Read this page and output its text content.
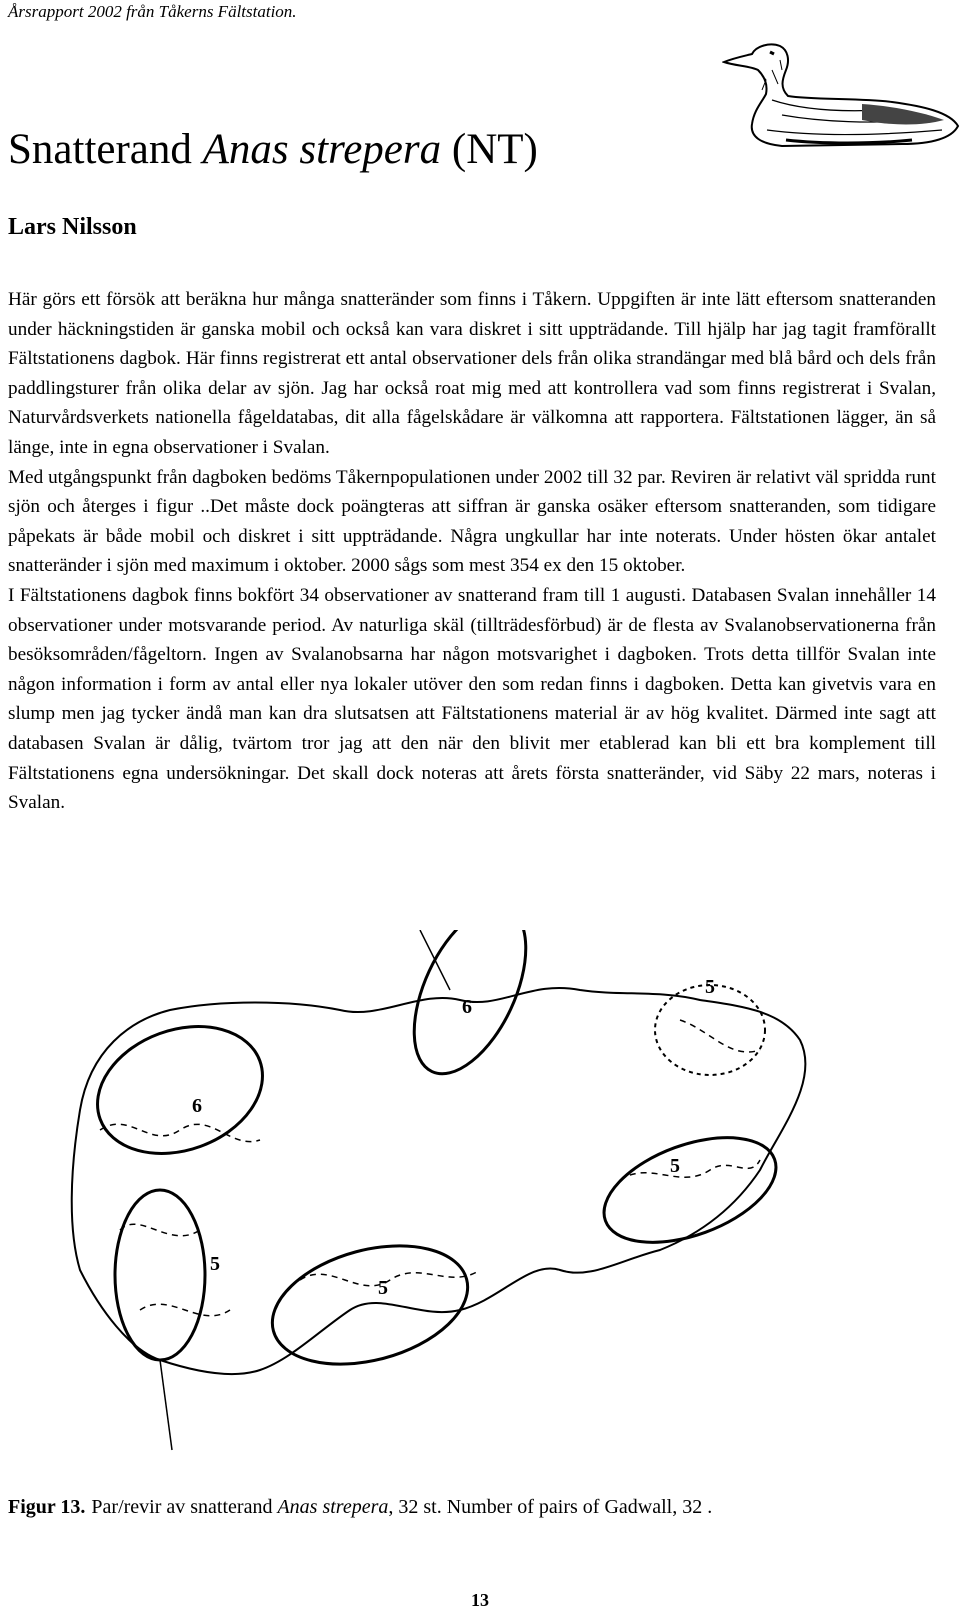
Årsrapport 2002 från Tåkerns Fältstation.
Snatterand Anas strepera (NT)
Lars Nilsson

Här görs ett försök att beräkna hur många snatteränder som finns i Tåkern. Uppgiften är inte lätt eftersom snatteranden under häckningstiden är ganska mobil och också kan vara diskret i sitt uppträdande. Till hjälp har jag tagit framförallt Fältstationens dagbok. Här finns registrerat ett antal observationer dels från olika strandängar med blå bård och dels från paddlingsturer från olika delar av sjön. Jag har också roat mig med att kontrollera vad som finns registrerat i Svalan, Naturvårdsverkets nationella fågeldatabas, dit alla fågelskådare är välkomna att rapportera. Fältstationen lägger, än så länge, inte in egna observationer i Svalan.

Med utgångspunkt från dagboken bedöms Tåkernpopulationen under 2002 till 32 par. Reviren är relativt väl spridda runt sjön och återges i figur ..Det måste dock poängteras att siffran är ganska osäker eftersom snatteranden, som tidigare påpekats är både mobil och diskret i sitt uppträdande. Några ungkullar har inte noterats. Under hösten ökar antalet snatteränder i sjön med maximum i oktober. 2000 sågs som mest 354 ex den 15 oktober.

I Fältstationens dagbok finns bokfört 34 observationer av snatterand fram till 1 augusti. Databasen Svalan innehåller 14 observationer under motsvarande period. Av naturliga skäl (tillträdesförbud) är de flesta av Svalanobservationerna från besöksområden/fågeltorn. Ingen av Svalanobsarna har någon motsvarighet i dagboken. Trots detta tillför Svalan inte någon information i form av antal eller nya lokaler utöver den som redan finns i dagboken. Detta kan givetvis vara en slump men jag tycker ändå man kan dra slutsatsen att Fältstationens material är av hög kvalitet. Därmed inte sagt att databasen Svalan är dålig, tvärtom tror jag att den när den blivit mer etablerad kan bli ett bra komplement till Fältstationens egna undersökningar. Det skall dock noteras att årets första snatteränder, vid Säby 22 mars, noteras i Svalan.

6
6
5
5
5
5
Figur 13. Par/revir av snatterand Anas strepera, 32 st. Number of pairs of Gadwall, 32 .
13
